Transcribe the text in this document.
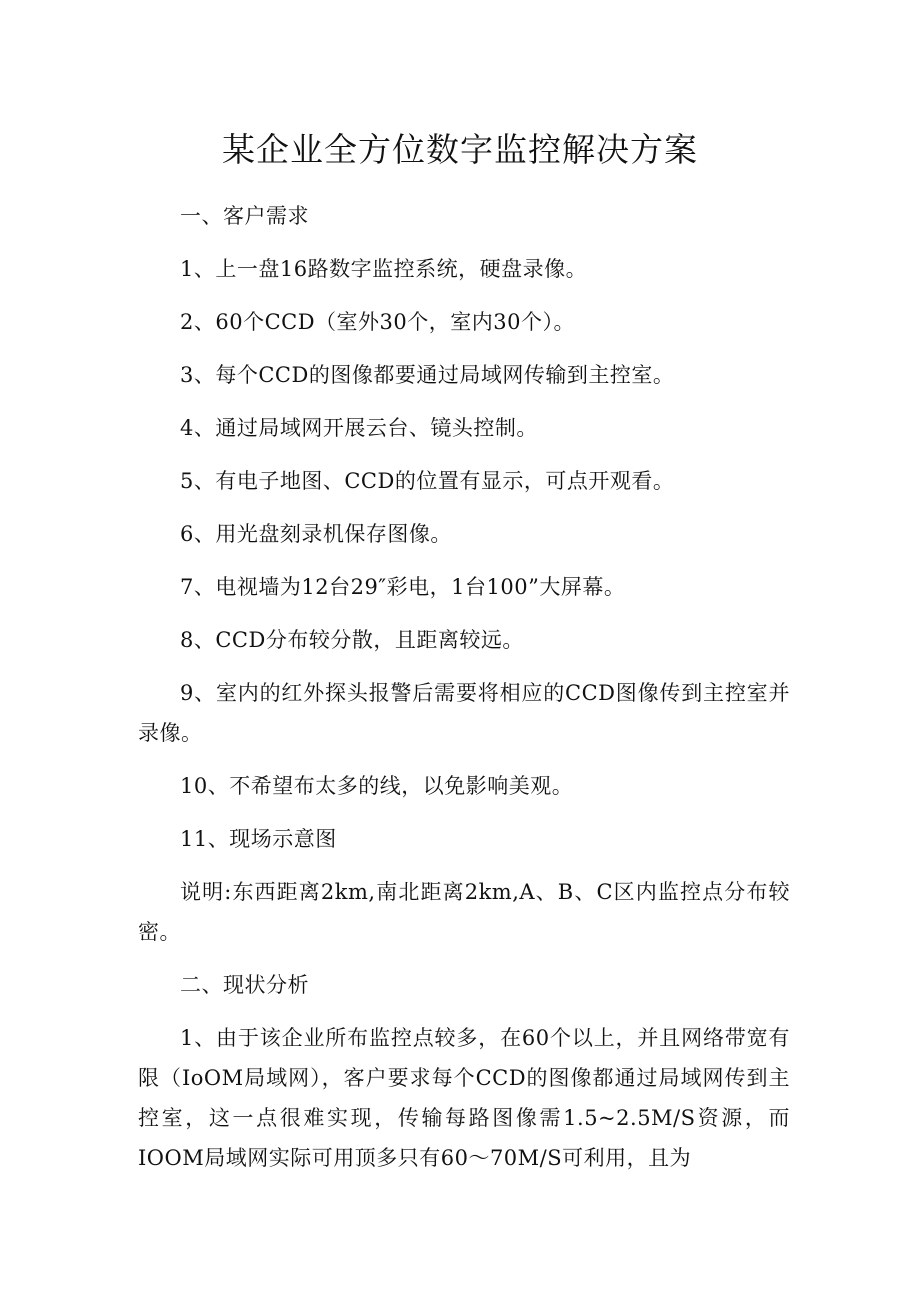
某企业全方位数字监控解决方案

一、客户需求

1、上一盘16路数字监控系统，硬盘录像。

2、60个CCD（室外30个，室内30个）。

3、每个CCD的图像都要通过局域网传输到主控室。

4、通过局域网开展云台、镜头控制。

5、有电子地图、CCD的位置有显示，可点开观看。

6、用光盘刻录机保存图像。

7、电视墙为12台29″彩电，1台100”大屏幕。

8、CCD分布较分散，且距离较远。

9、室内的红外探头报警后需要将相应的CCD图像传到主控室并录像。

10、不希望布太多的线，以免影响美观。

11、现场示意图

说明:东西距离2km,南北距离2km,A、B、C区内监控点分布较密。

二、现状分析

1、由于该企业所布监控点较多，在60个以上，并且网络带宽有限（IoOM局域网），客户要求每个CCD的图像都通过局域网传到主控室，这一点很难实现，传输每路图像需1.5~2.5M/S资源，而IOOM局域网实际可用顶多只有60～70M/S可利用，且为
